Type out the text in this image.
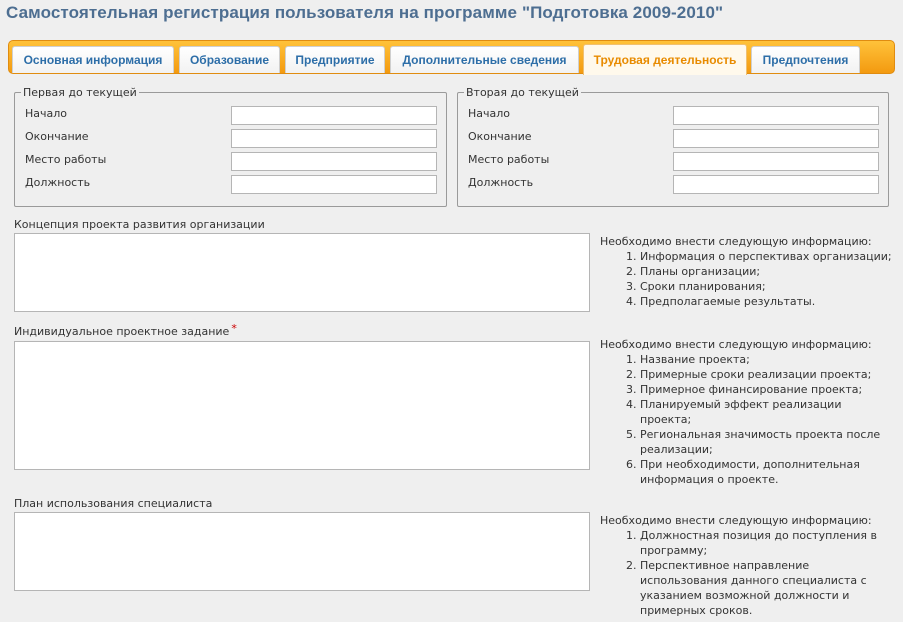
Самостоятельная регистрация пользователя на программе "Подготовка 2009-2010"
Основная информация	Образование	Предприятие	Дополнительные сведения	Трудовая деятельность	Предпочтения
Первая до текущей
Начало
Окончание
Место работы
Должность
Вторая до текущей
Начало
Окончание
Место работы
Должность
Концепция проекта развития организации
Необходимо внести следующую информацию:
1. Информация о перспективах организации;
2. Планы организации;
3. Сроки планирования;
4. Предполагаемые результаты.
Индивидуальное проектное задание *
Необходимо внести следующую информацию:
1. Название проекта;
2. Примерные сроки реализации проекта;
3. Примерное финансирование проекта;
4. Планируемый эффект реализации проекта;
5. Региональная значимость проекта после реализации;
6. При необходимости, дополнительная информация о проекте.
План использования специалиста
Необходимо внести следующую информацию:
1. Должностная позиция до поступления в программу;
2. Перспективное направление использования данного специалиста с указанием возможной должности и примерных сроков.
